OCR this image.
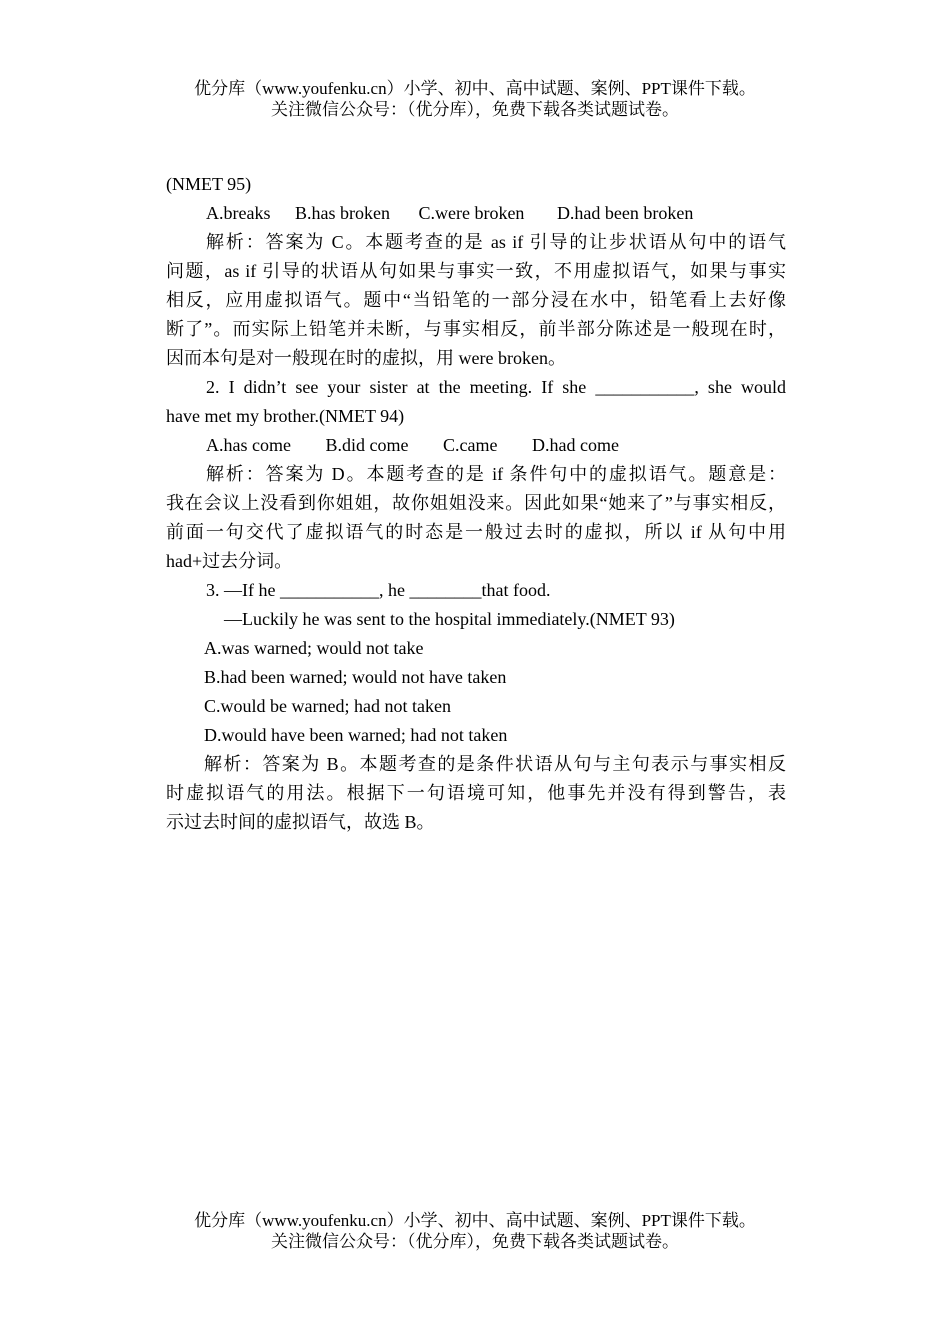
优分库（www.youfenku.cn）小学、初中、高中试题、案例、PPT课件下载。
关注微信公众号：（优分库），免费下载各类试题试卷。
(NMET 95)
A.breaks B.has broken C.were broken D.had been broken
解析：答案为 C。本题考查的是 as if 引导的让步状语从句中的语气
问题，as if 引导的状语从句如果与事实一致，不用虚拟语气，如果与事实
相反，应用虚拟语气。题中“当铅笔的一部分浸在水中，铅笔看上去好像
断了”。而实际上铅笔并未断，与事实相反，前半部分陈述是一般现在时，
因而本句是对一般现在时的虚拟，用 were broken。
2. I didn’t see your sister at the meeting. If she ___________, she would
have met my brother.(NMET 94)
A.has come B.did come C.came D.had come
解析：答案为 D。本题考查的是 if 条件句中的虚拟语气。题意是：
我在会议上没看到你姐姐，故你姐姐没来。因此如果“她来了”与事实相反，
前面一句交代了虚拟语气的时态是一般过去时的虚拟，所以 if 从句中用
had+过去分词。
3. —If he ___________, he ________that food.
—Luckily he was sent to the hospital immediately.(NMET 93)
A.was warned; would not take
B.had been warned; would not have taken
C.would be warned; had not taken
D.would have been warned; had not taken
解析：答案为 B。本题考查的是条件状语从句与主句表示与事实相反
时虚拟语气的用法。根据下一句语境可知，他事先并没有得到警告，表
示过去时间的虚拟语气，故选 B。
优分库（www.youfenku.cn）小学、初中、高中试题、案例、PPT课件下载。
关注微信公众号：（优分库），免费下载各类试题试卷。
